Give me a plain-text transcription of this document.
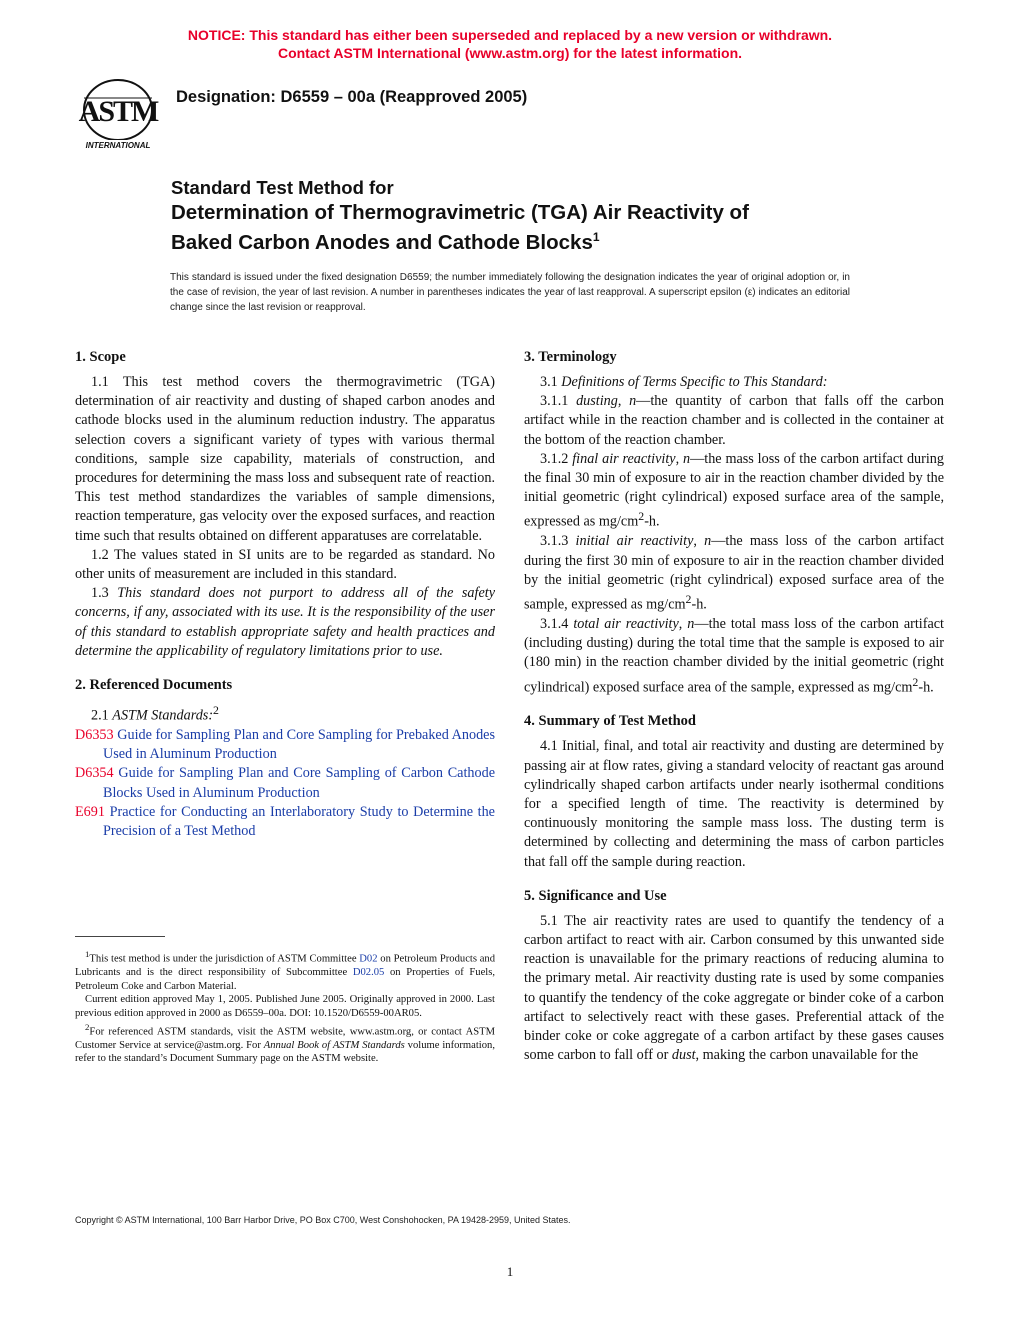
NOTICE: This standard has either been superseded and replaced by a new version or withdrawn.
Contact ASTM International (www.astm.org) for the latest information.
ASTM
INTERNATIONAL
Designation: D6559 – 00a (Reapproved 2005)
Standard Test Method for
Determination of Thermogravimetric (TGA) Air Reactivity of
Baked Carbon Anodes and Cathode Blocks$^1$
This standard is issued under the fixed designation D6559; the number immediately following the designation indicates the year of original adoption or, in the case of revision, the year of last revision. A number in parentheses indicates the year of last reapproval. A superscript epsilon (ε) indicates an editorial change since the last revision or reapproval.
1. Scope

1.1 This test method covers the thermogravimetric (TGA) determination of air reactivity and dusting of shaped carbon anodes and cathode blocks used in the aluminum reduction industry. The apparatus selection covers a significant variety of types with various thermal conditions, sample size capability, materials of construction, and procedures for determining the mass loss and subsequent rate of reaction. This test method standardizes the variables of sample dimensions, reaction temperature, gas velocity over the exposed surfaces, and reaction time such that results obtained on different apparatuses are correlatable.

1.2 The values stated in SI units are to be regarded as standard. No other units of measurement are included in this standard.

1.3 This standard does not purport to address all of the safety concerns, if any, associated with its use. It is the responsibility of the user of this standard to establish appropriate safety and health practices and determine the applicability of regulatory limitations prior to use.

2. Referenced Documents

2.1 ASTM Standards:$^2$

D6353 Guide for Sampling Plan and Core Sampling for Prebaked Anodes Used in Aluminum Production
D6354 Guide for Sampling Plan and Core Sampling of Carbon Cathode Blocks Used in Aluminum Production
E691 Practice for Conducting an Interlaboratory Study to Determine the Precision of a Test Method

$^1$This test method is under the jurisdiction of ASTM Committee D02 on Petroleum Products and Lubricants and is the direct responsibility of Subcommittee D02.05 on Properties of Fuels, Petroleum Coke and Carbon Material.

Current edition approved May 1, 2005. Published June 2005. Originally approved in 2000. Last previous edition approved in 2000 as D6559–00a. DOI: 10.1520/D6559-00AR05.

$^2$For referenced ASTM standards, visit the ASTM website, www.astm.org, or contact ASTM Customer Service at service@astm.org. For Annual Book of ASTM Standards volume information, refer to the standard’s Document Summary page on the ASTM website.

3. Terminology

3.1 Definitions of Terms Specific to This Standard:

3.1.1 dusting, n—the quantity of carbon that falls off the carbon artifact while in the reaction chamber and is collected in the container at the bottom of the reaction chamber.

3.1.2 final air reactivity, n—the mass loss of the carbon artifact during the final 30 min of exposure to air in the reaction chamber divided by the initial geometric (right cylindrical) exposed surface area of the sample, expressed as $mg/cm^2-h$.

3.1.3 initial air reactivity, n—the mass loss of the carbon artifact during the first 30 min of exposure to air in the reaction chamber divided by the initial geometric (right cylindrical) exposed surface area of the sample, expressed as $mg/cm^2-h$.

3.1.4 total air reactivity, n—the total mass loss of the carbon artifact (including dusting) during the total time that the sample is exposed to air (180 min) in the reaction chamber divided by the initial geometric (right cylindrical) exposed surface area of the sample, expressed as $mg/cm^2-h$.

4. Summary of Test Method

4.1 Initial, final, and total air reactivity and dusting are determined by passing air at flow rates, giving a standard velocity of reactant gas around cylindrically shaped carbon artifacts under nearly isothermal conditions for a specified length of time. The reactivity is determined by continuously monitoring the sample mass loss. The dusting term is determined by collecting and determining the mass of carbon particles that fall off the sample during reaction.

5. Significance and Use

5.1 The air reactivity rates are used to quantify the tendency of a carbon artifact to react with air. Carbon consumed by this unwanted side reaction is unavailable for the primary reactions of reducing alumina to the primary metal. Air reactivity dusting rate is used by some companies to quantify the tendency of the coke aggregate or binder coke of a carbon artifact to selectively react with these gases. Preferential attack of the binder coke or coke aggregate of a carbon artifact by these gases causes some carbon to fall off or dust, making the carbon unavailable for the

Copyright © ASTM International, 100 Barr Harbor Drive, PO Box C700, West Conshohocken, PA 19428-2959, United States.
1
